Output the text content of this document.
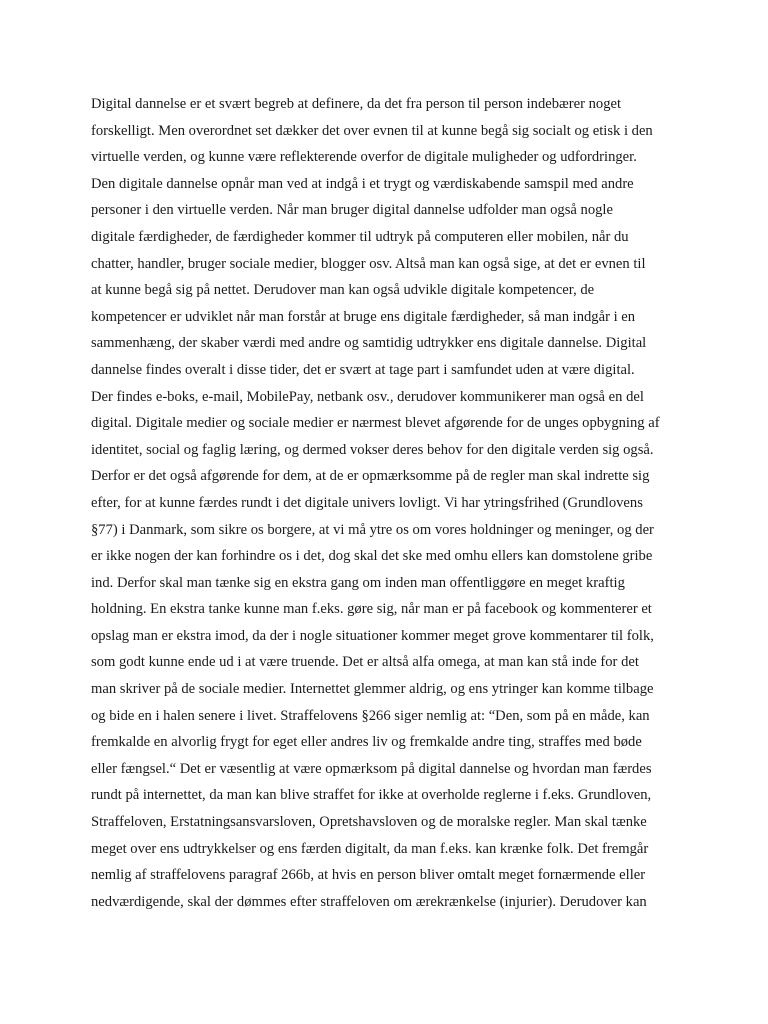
Digital dannelse er et svært begreb at definere, da det fra person til person indebærer noget
forskelligt. Men overordnet set dækker det over evnen til at kunne begå sig socialt og etisk i den
virtuelle verden, og kunne være reflekterende overfor de digitale muligheder og udfordringer.
Den digitale dannelse opnår man ved at indgå i et trygt og værdiskabende samspil med andre
personer i den virtuelle verden. Når man bruger digital dannelse udfolder man også nogle
digitale færdigheder, de færdigheder kommer til udtryk på computeren eller mobilen, når du
chatter, handler, bruger sociale medier, blogger osv. Altså man kan også sige, at det er evnen til
at kunne begå sig på nettet. Derudover man kan også udvikle digitale kompetencer, de
kompetencer er udviklet når man forstår at bruge ens digitale færdigheder, så man indgår i en
sammenhæng, der skaber værdi med andre og samtidig udtrykker ens digitale dannelse. Digital
dannelse findes overalt i disse tider, det er svært at tage part i samfundet uden at være digital.
Der findes e-boks, e-mail, MobilePay, netbank osv., derudover kommunikerer man også en del
digital. Digitale medier og sociale medier er nærmest blevet afgørende for de unges opbygning af
identitet, social og faglig læring, og dermed vokser deres behov for den digitale verden sig også.
Derfor er det også afgørende for dem, at de er opmærksomme på de regler man skal indrette sig
efter, for at kunne færdes rundt i det digitale univers lovligt. Vi har ytringsfrihed (Grundlovens
§77) i Danmark, som sikre os borgere, at vi må ytre os om vores holdninger og meninger, og der
er ikke nogen der kan forhindre os i det, dog skal det ske med omhu ellers kan domstolene gribe
ind. Derfor skal man tænke sig en ekstra gang om inden man offentliggøre en meget kraftig
holdning. En ekstra tanke kunne man f.eks. gøre sig, når man er på facebook og kommenterer et
opslag man er ekstra imod, da der i nogle situationer kommer meget grove kommentarer til folk,
som godt kunne ende ud i at være truende. Det er altså alfa omega, at man kan stå inde for det
man skriver på de sociale medier. Internettet glemmer aldrig, og ens ytringer kan komme tilbage
og bide en i halen senere i livet. Straffelovens §266 siger nemlig at: “Den, som på en måde, kan
fremkalde en alvorlig frygt for eget eller andres liv og fremkalde andre ting, straffes med bøde
eller fængsel.“ Det er væsentlig at være opmærksom på digital dannelse og hvordan man færdes
rundt på internettet, da man kan blive straffet for ikke at overholde reglerne i f.eks. Grundloven,
Straffeloven, Erstatningsansvarsloven, Opretshavsloven og de moralske regler. Man skal tænke
meget over ens udtrykkelser og ens færden digitalt, da man f.eks. kan krænke folk. Det fremgår
nemlig af straffelovens paragraf 266b, at hvis en person bliver omtalt meget fornærmende eller
nedværdigende, skal der dømmes efter straffeloven om ærekrænkelse (injurier). Derudover kan
